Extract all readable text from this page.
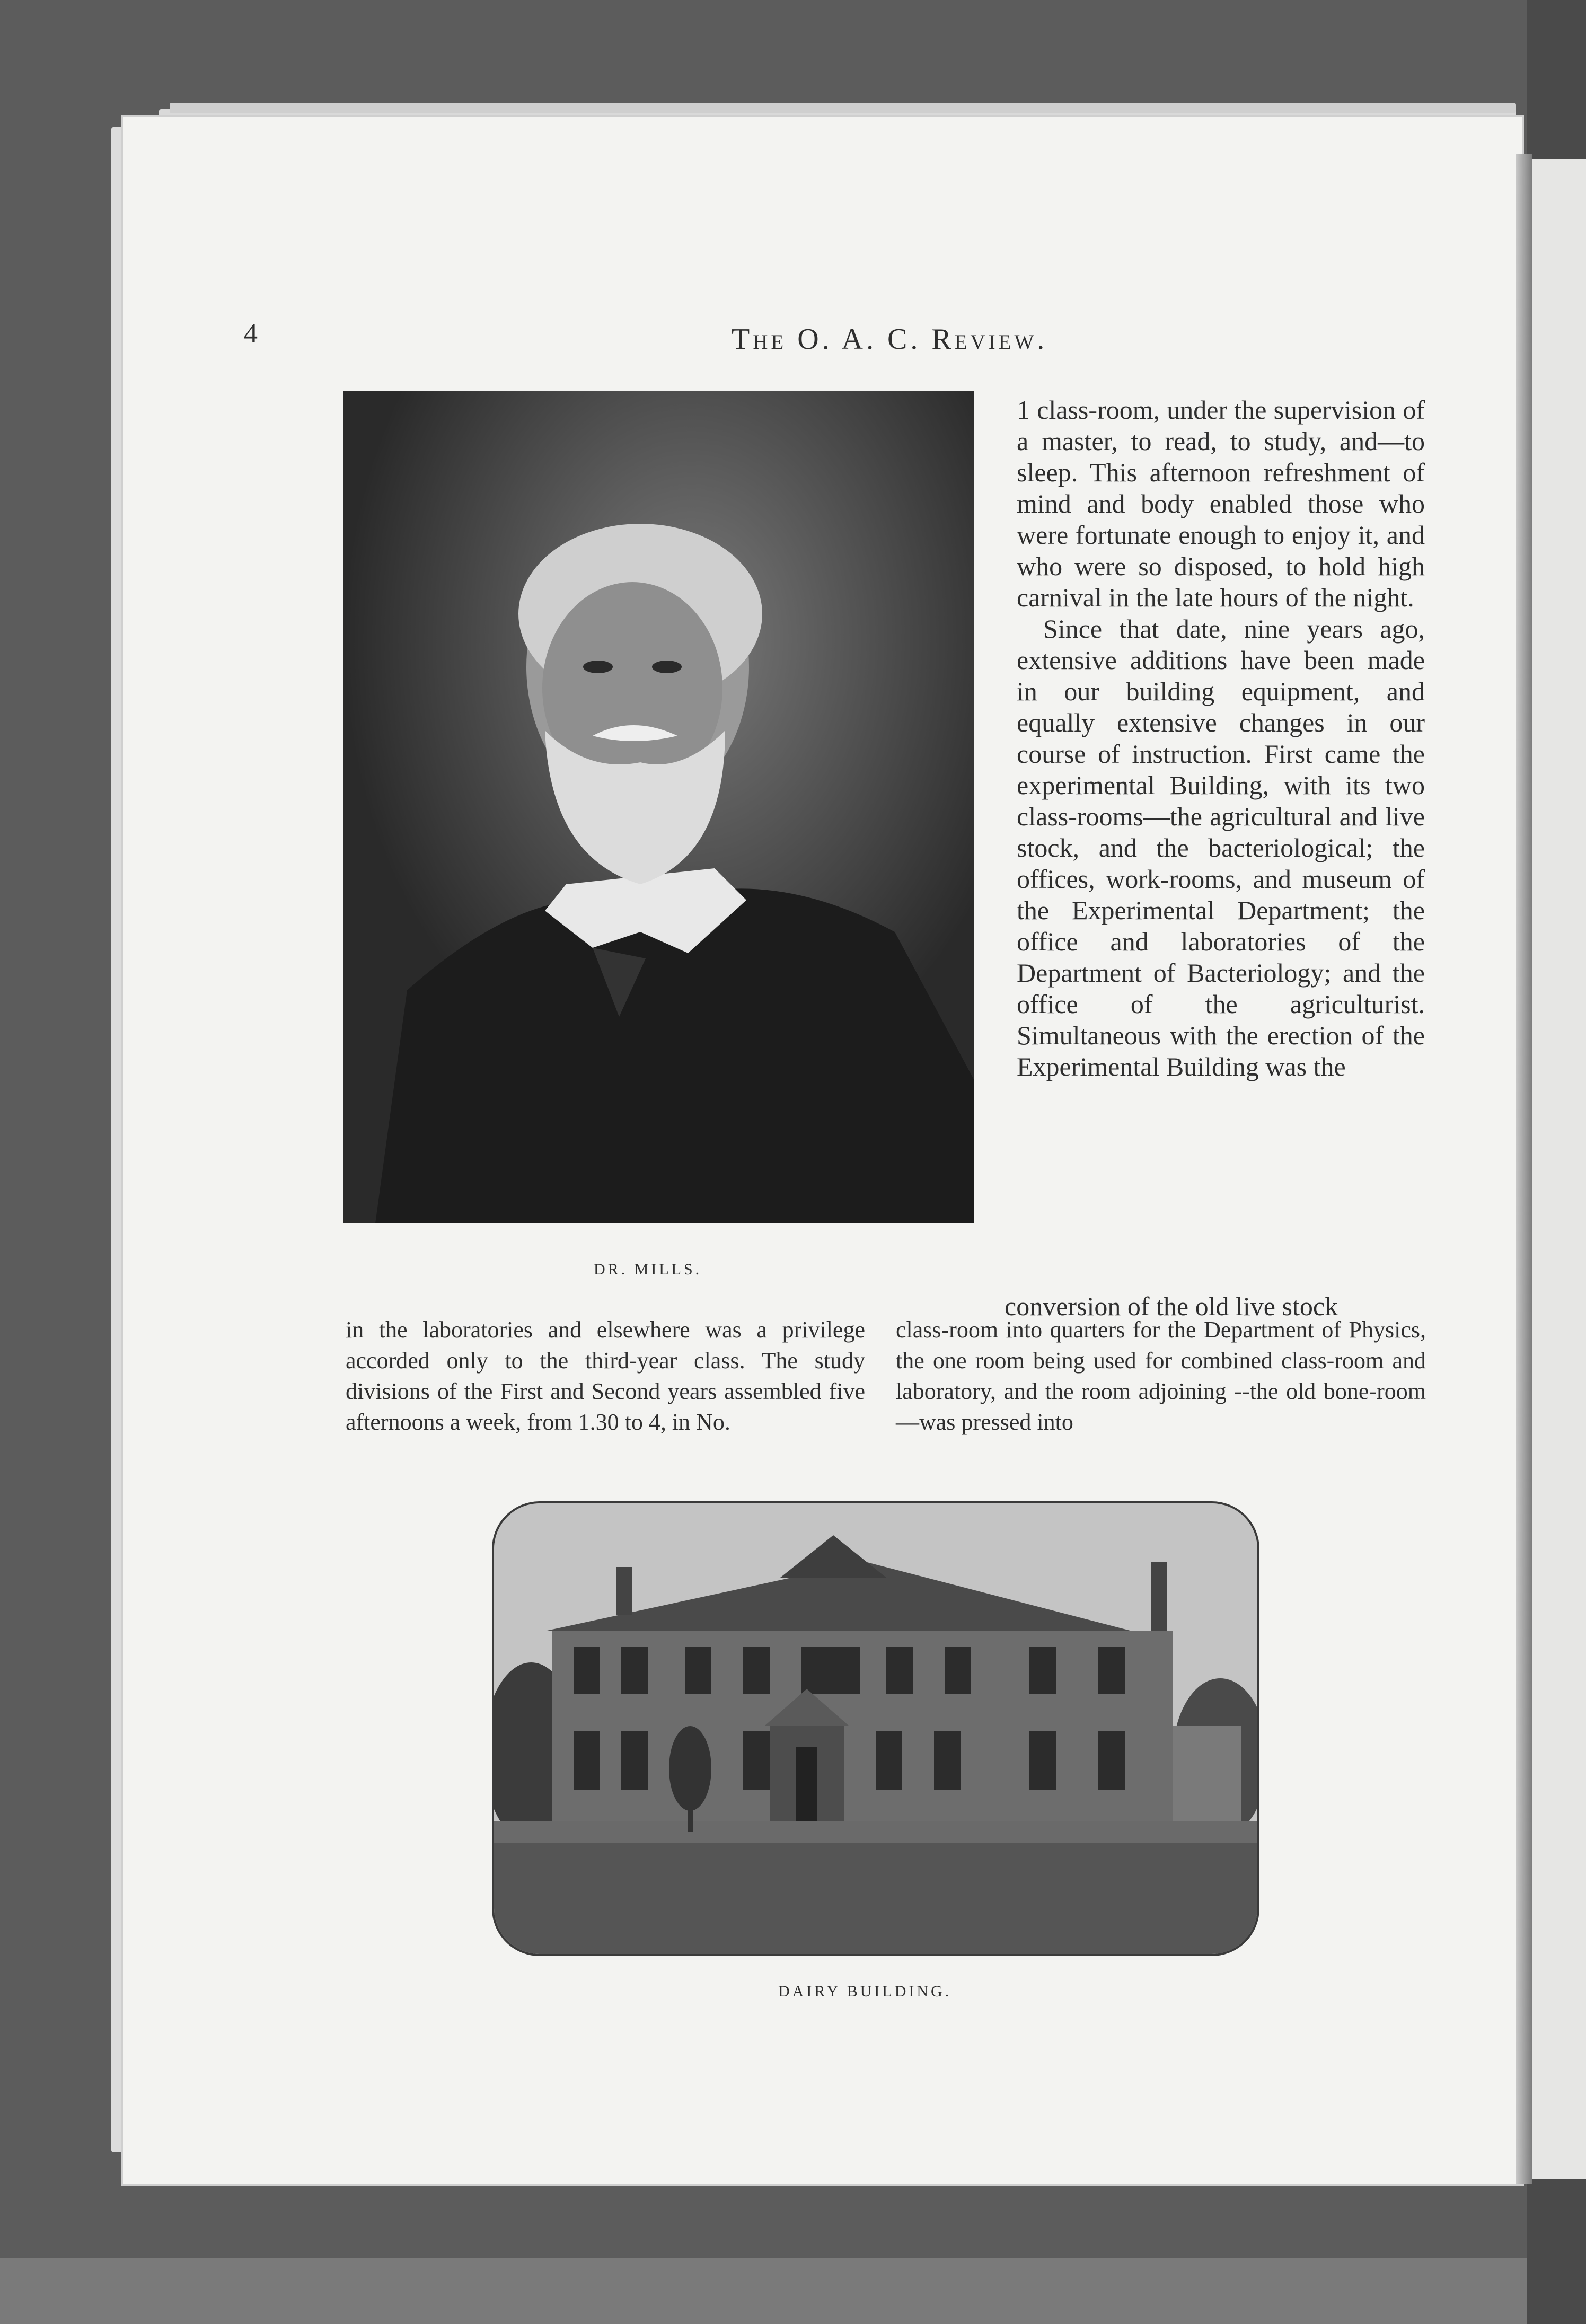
4	The O. A. C. Review.
DR. MILLS.

1 class-room, under the supervision of a master, to read, to study, and—to sleep. This afternoon refreshment of mind and body enabled those who were fortunate enough to enjoy it, and who were so disposed, to hold high carnival in the late hours of the night.

Since that date, nine years ago, extensive additions have been made in our building equipment, and equally extensive changes in our course of instruction. First came the experimental Building, with its two class-rooms—the agricultural and live stock, and the bacteriological; the offices, work-rooms, and museum of the Experimental Department; the office and laboratories of the Department of Bacteriology; and the office of the agriculturist. Simultaneous with the erection of the Experimental Building was the

conversion of the old live stock
in the laboratories and elsewhere was a privilege accorded only to the third-year class. The study divisions of the First and Second years assembled five afternoons a week, from 1.30 to 4, in No.
class-room into quarters for the Department of Physics, the one room being used for combined class-room and laboratory, and the room adjoining --the old bone-room—was pressed into
DAIRY BUILDING.
